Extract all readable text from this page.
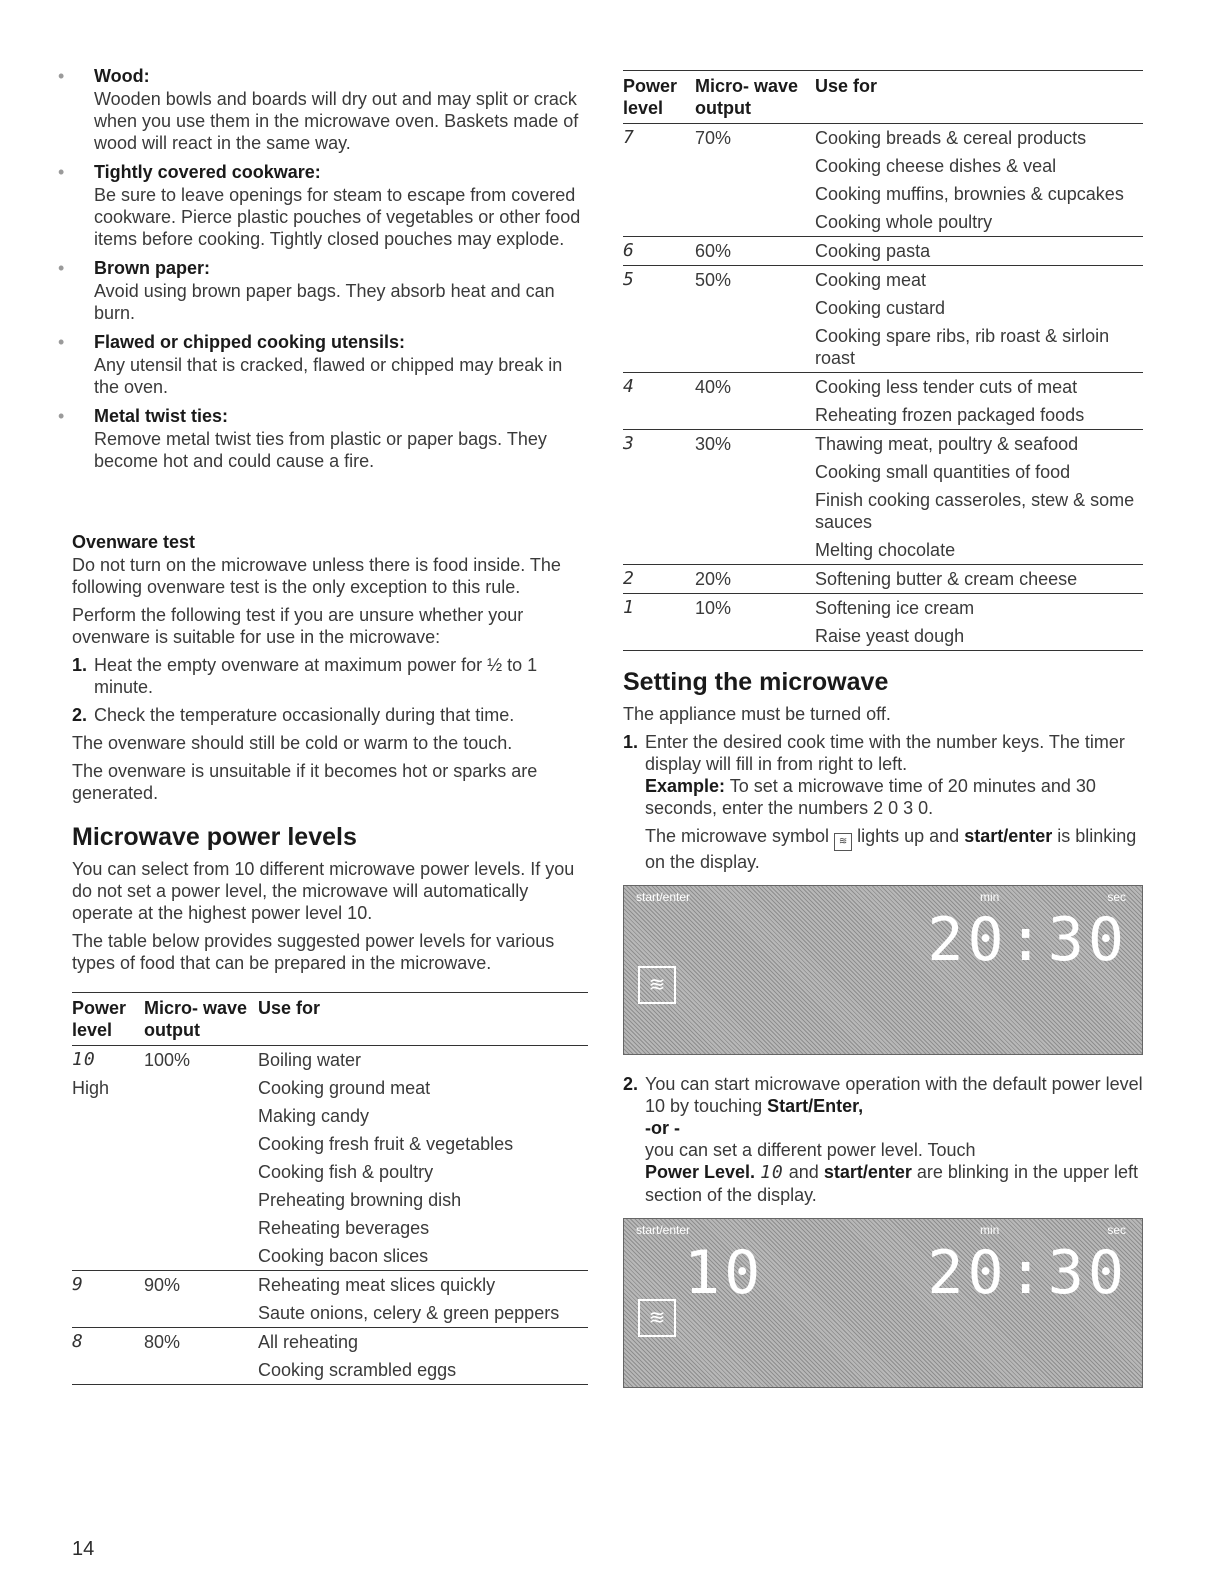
• Wood:
Wooden bowls and boards will dry out and may split or crack when you use them in the microwave oven. Baskets made of wood will react in the same way.
• Tightly covered cookware:
Be sure to leave openings for steam to escape from covered cookware. Pierce plastic pouches of vegetables or other food items before cooking. Tightly closed pouches may explode.
• Brown paper:
Avoid using brown paper bags. They absorb heat and can burn.
• Flawed or chipped cooking utensils:
Any utensil that is cracked, flawed or chipped may break in the oven.
• Metal twist ties:
Remove metal twist ties from plastic or paper bags. They become hot and could cause a fire.
Ovenware test

Do not turn on the microwave unless there is food inside. The following ovenware test is the only exception to this rule.

Perform the following test if you are unsure whether your ovenware is suitable for use in the microwave:

1. Heat the empty ovenware at maximum power for ½ to 1 minute.
2. Check the temperature occasionally during that time.

The ovenware should still be cold or warm to the touch.

The ovenware is unsuitable if it becomes hot or sparks are generated.

Microwave power levels

You can select from 10 different microwave power levels. If you do not set a power level, the microwave will automatically operate at the highest power level 10.

The table below provides suggested power levels for various types of food that can be prepared in the microwave.

Power level	Micro- wave output	Use for
10	100%	Boiling water
High		Cooking ground meat
		Making candy
		Cooking fresh fruit & vegetables
		Cooking fish & poultry
		Preheating browning dish
		Reheating beverages
		Cooking bacon slices
9	90%	Reheating meat slices quickly
		Saute onions, celery & green peppers
8	80%	All reheating
		Cooking scrambled eggs
Power level	Micro- wave output	Use for
7	70%	Cooking breads & cereal products
		Cooking cheese dishes & veal
		Cooking muffins, brownies & cupcakes
		Cooking whole poultry
6	60%	Cooking pasta
5	50%	Cooking meat
		Cooking custard
		Cooking spare ribs, rib roast & sirloin roast
4	40%	Cooking less tender cuts of meat
		Reheating frozen packaged foods
3	30%	Thawing meat, poultry & seafood
		Cooking small quantities of food
		Finish cooking casseroles, stew & some sauces
		Melting chocolate
2	20%	Softening butter & cream cheese
1	10%	Softening ice cream
		Raise yeast dough
Setting the microwave

The appliance must be turned off.

1. Enter the desired cook time with the number keys. The timer display will fill in from right to left.
Example: To set a microwave time of 20 minutes and 30 seconds, enter the numbers 2 0 3 0.
The microwave symbol ≋ lights up and start/enter is blinking on the display.
start/enter	min	sec
20:30
≋
2. You can start microwave operation with the default power level 10 by touching Start/Enter,
-or -
you can set a different power level. Touch
Power Level. 10 and start/enter are blinking in the upper left section of the display.
start/enter	min	sec
10	20:30
≋
14
